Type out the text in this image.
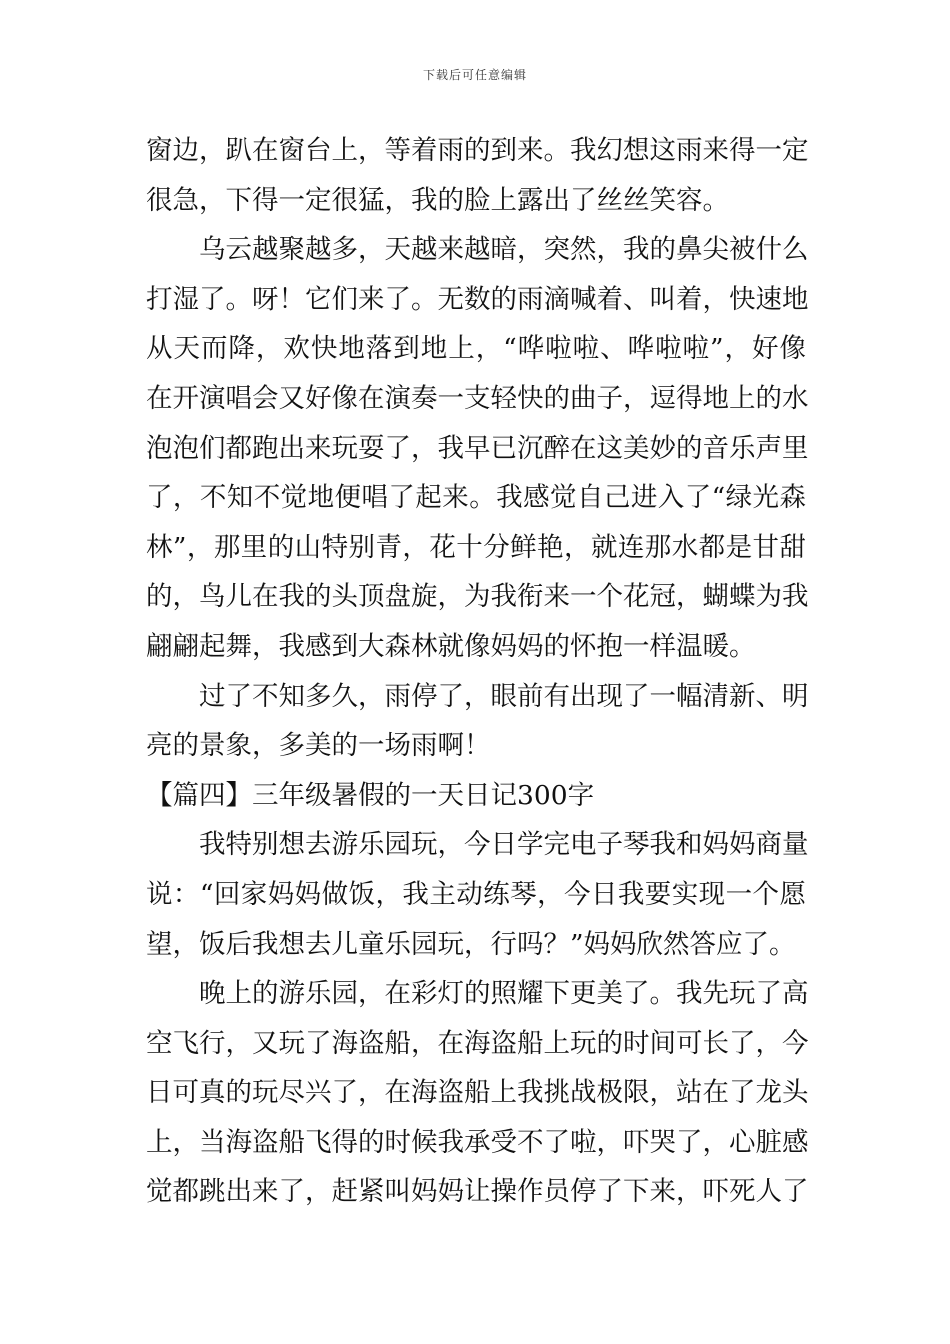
下载后可任意编辑
窗边，趴在窗台上，等着雨的到来。我幻想这雨来得一定
很急，下得一定很猛，我的脸上露出了丝丝笑容。
乌云越聚越多，天越来越暗，突然，我的鼻尖被什么
打湿了。呀！它们来了。无数的雨滴喊着、叫着，快速地
从天而降，欢快地落到地上，“哗啦啦、哗啦啦”，好像
在开演唱会又好像在演奏一支轻快的曲子，逗得地上的水
泡泡们都跑出来玩耍了，我早已沉醉在这美妙的音乐声里
了，不知不觉地便唱了起来。我感觉自己进入了“绿光森
林”，那里的山特别青，花十分鲜艳，就连那水都是甘甜
的，鸟儿在我的头顶盘旋，为我衔来一个花冠，蝴蝶为我
翩翩起舞，我感到大森林就像妈妈的怀抱一样温暖。
过了不知多久，雨停了，眼前有出现了一幅清新、明
亮的景象，多美的一场雨啊！
【篇四】三年级暑假的一天日记300字
我特别想去游乐园玩，今日学完电子琴我和妈妈商量
说：“回家妈妈做饭，我主动练琴，今日我要实现一个愿
望，饭后我想去儿童乐园玩，行吗？”妈妈欣然答应了。
晚上的游乐园，在彩灯的照耀下更美了。我先玩了高
空飞行，又玩了海盗船，在海盗船上玩的时间可长了，今
日可真的玩尽兴了，在海盗船上我挑战极限，站在了龙头
上，当海盗船飞得的时候我承受不了啦，吓哭了，心脏感
觉都跳出来了，赶紧叫妈妈让操作员停了下来，吓死人了
